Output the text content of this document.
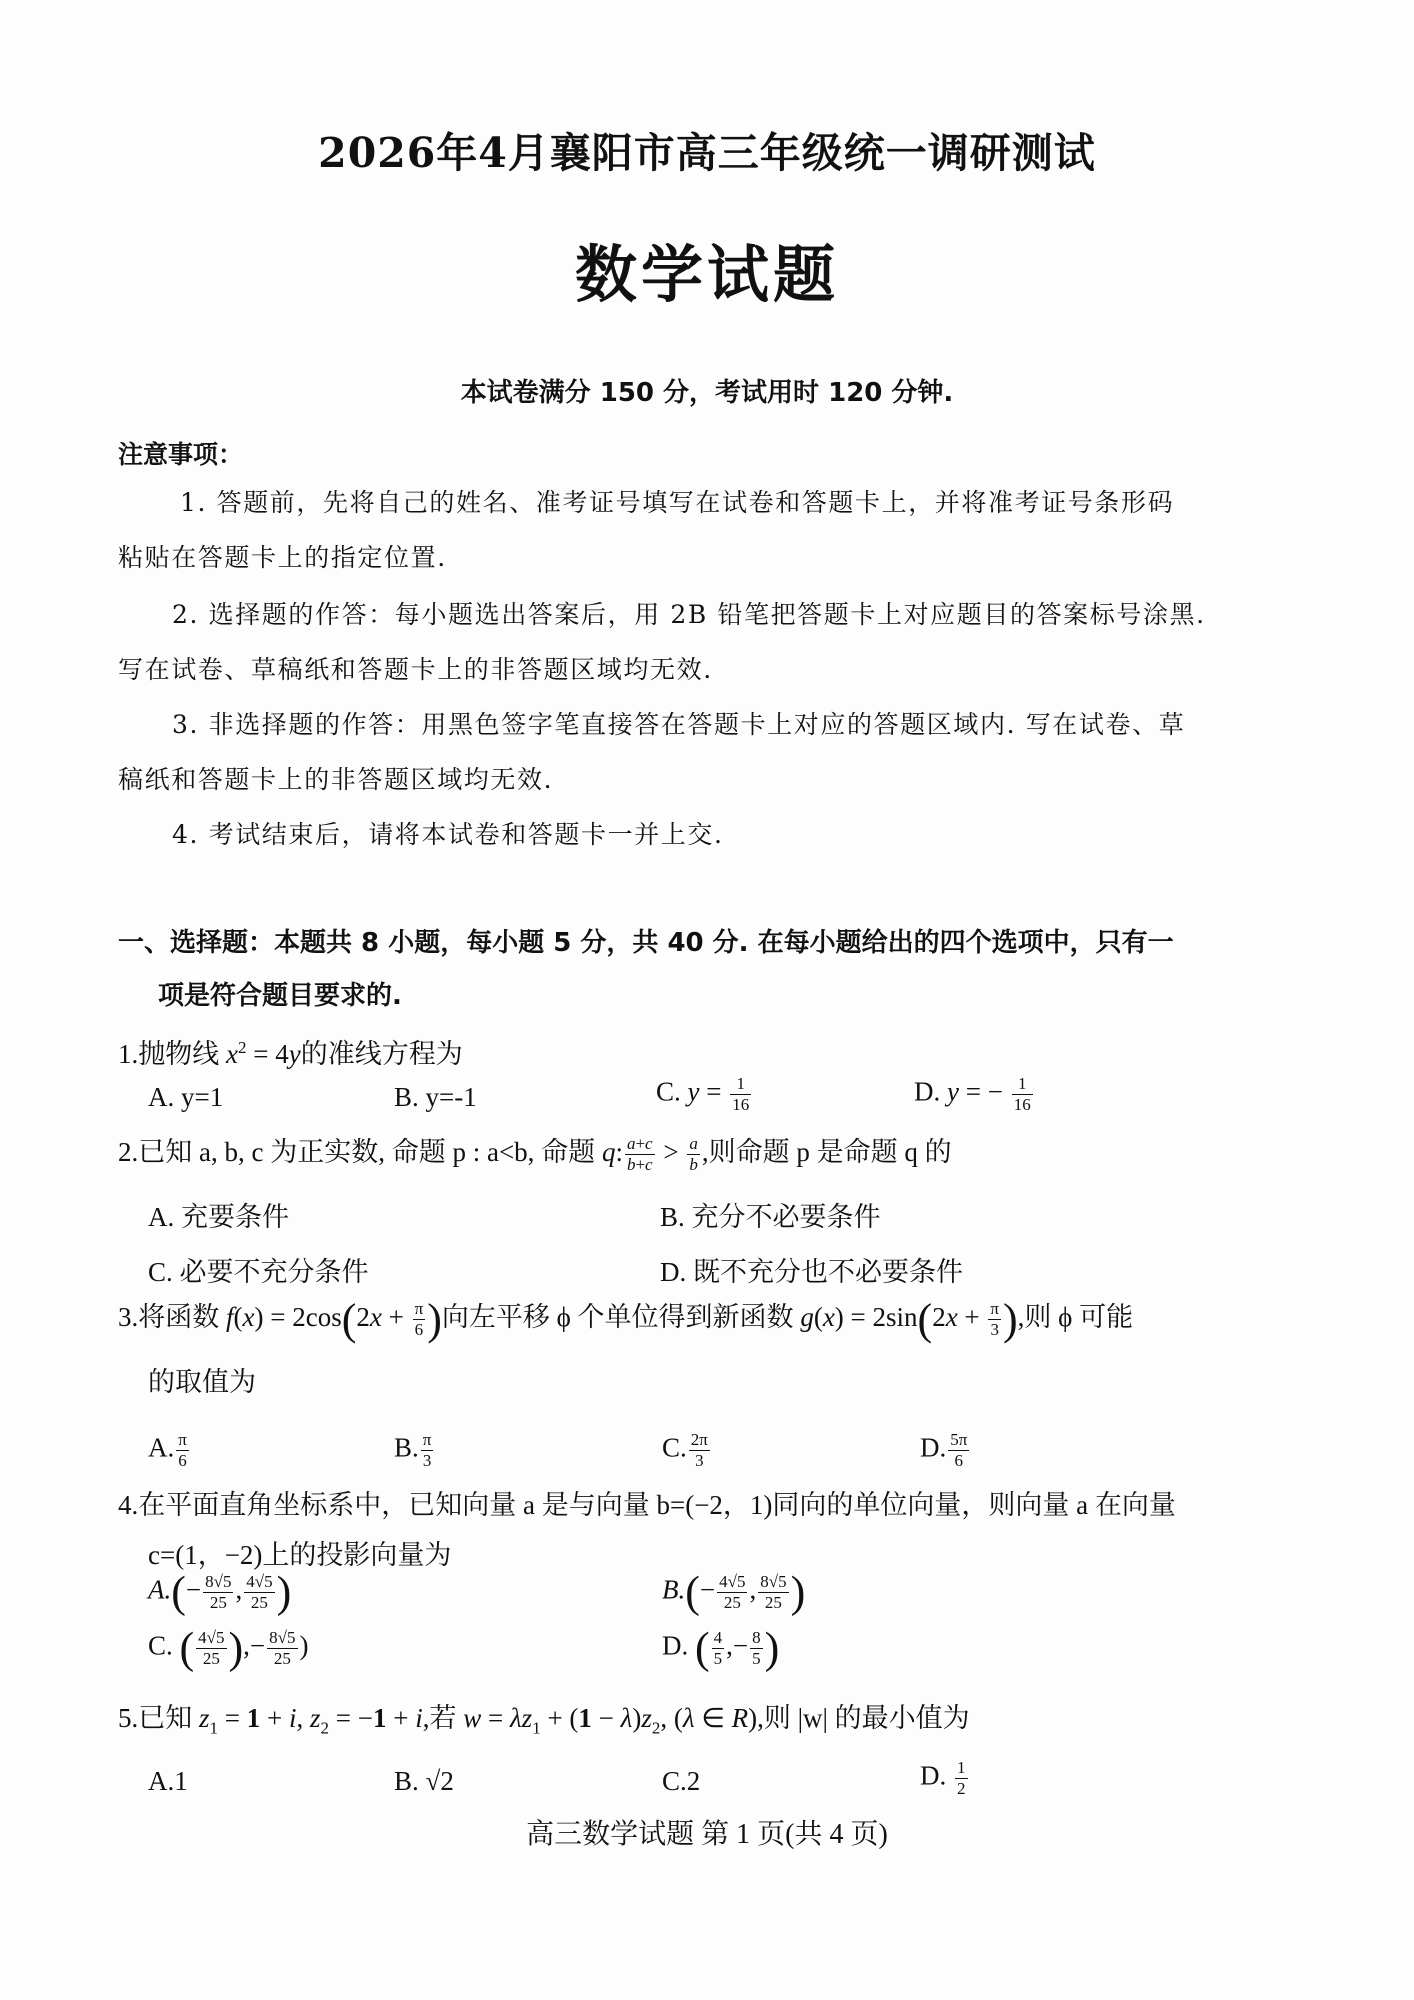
2026年4月襄阳市高三年级统一调研测试
数学试题
本试卷满分 150 分，考试用时 120 分钟.
注意事项：
1. 答题前，先将自己的姓名、准考证号填写在试卷和答题卡上，并将准考证号条形码
粘贴在答题卡上的指定位置.
2. 选择题的作答：每小题选出答案后，用 2B 铅笔把答题卡上对应题目的答案标号涂黑.
写在试卷、草稿纸和答题卡上的非答题区域均无效.
3. 非选择题的作答：用黑色签字笔直接答在答题卡上对应的答题区域内. 写在试卷、草
稿纸和答题卡上的非答题区域均无效.
4. 考试结束后，请将本试卷和答题卡一并上交.
一、选择题：本题共 8 小题，每小题 5 分，共 40 分. 在每小题给出的四个选项中，只有一
项是符合题目要求的.
1.抛物线 $x^2 = 4y$的准线方程为
A. y=1	B. y=-1	C. $y = \frac{1}{16}$	D. y = − $\frac{1}{16}$
2.已知 a, b, c 为正实数, 命题 p : a<b, 命题 q: $\frac{a+c}{b+c} > \frac{a}{b}$ ,则命题 p 是命题 q 的
A. 充要条件	B. 充分不必要条件
C. 必要不充分条件	D. 既不充分也不必要条件
3.将函数 $f(x) = 2\cos(2x + \frac{\pi}{6}$ )向左平移 ϕ 个单位得到新函数 $g(x) = 2\sin(2x + \frac{\pi}{3}$ ),则 ϕ 可能
的取值为
A. $\frac{\pi}{6}$	B. $\frac{\pi}{3}$	C. $\frac{2\pi}{3}$	D. $\frac{5\pi}{6}$
4.在平面直角坐标系中，已知向量 a 是与向量 b=(−2，1)同向的单位向量，则向量 a 在向量
c=(1，−2)上的投影向量为
$A.(- \frac{8√5}{25}$ , $\frac{4√5}{25}$ )	$B.(- \frac{4√5}{25}$ , $\frac{8√5}{25}$ )
C. ( $\frac{4√5}{25}$ ),− $\frac{8√5}{25}$ )	D. ( $\frac{4}{5}$ ,− $\frac{8}{5}$ )
5.已知 $z_1 = 1 + i$, $z_2 = -1 + i$,若 $w = \lambda z_1 + (1 - \lambda)z_2$, (λ ∈ R),则 |w| 的最小值为
A.1	B. √2	C.2	D. $\frac{1}{2}$
高三数学试题 第 1 页(共 4 页)
